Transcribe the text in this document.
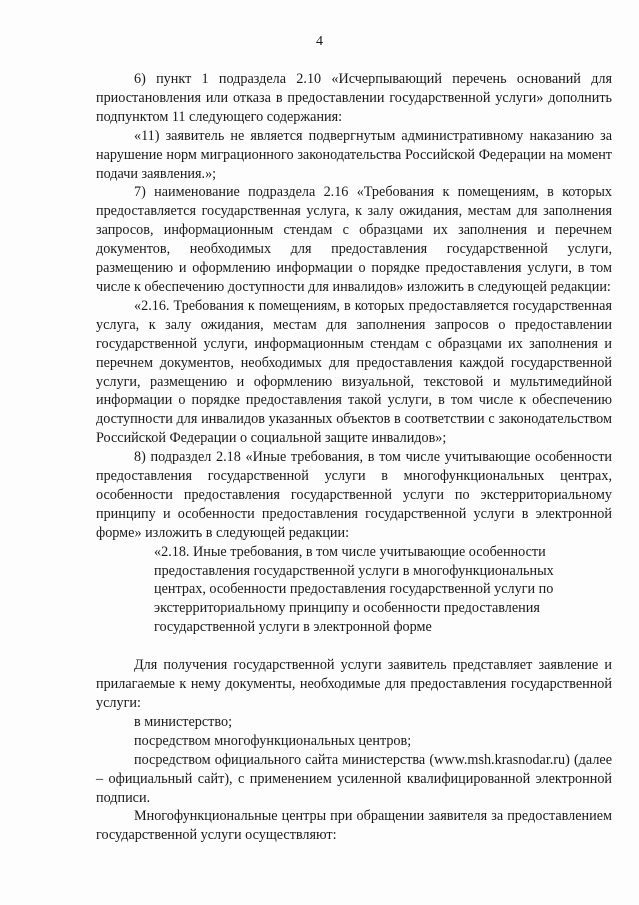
4

6) пункт 1 подраздела 2.10 «Исчерпывающий перечень оснований для приостановления или отказа в предоставлении государственной услуги» дополнить подпунктом 11 следующего содержания:

«11) заявитель не является подвергнутым административному наказанию за нарушение норм миграционного законодательства Российской Федерации на момент подачи заявления.»;

7) наименование подраздела 2.16 «Требования к помещениям, в которых предоставляется государственная услуга, к залу ожидания, местам для заполнения запросов, информационным стендам с образцами их заполнения и перечнем документов, необходимых для предоставления государственной услуги, размещению и оформлению информации о порядке предоставления услуги, в том числе к обеспечению доступности для инвалидов» изложить в следующей редакции:

«2.16. Требования к помещениям, в которых предоставляется государственная услуга, к залу ожидания, местам для заполнения запросов о предоставлении государственной услуги, информационным стендам с образцами их заполнения и перечнем документов, необходимых для предоставления каждой государственной услуги, размещению и оформлению визуальной, текстовой и мультимедийной информации о порядке предоставления такой услуги, в том числе к обеспечению доступности для инвалидов указанных объектов в соответствии с законодательством Российской Федерации о социальной защите инвалидов»;

8) подраздел 2.18 «Иные требования, в том числе учитывающие особенности предоставления государственной услуги в многофункциональных центрах, особенности предоставления государственной услуги по экстерриториальному принципу и особенности предоставления государственной услуги в электронной форме» изложить в следующей редакции:

«2.18. Иные требования, в том числе учитывающие особенности

предоставления государственной услуги в многофункциональных

центрах, особенности предоставления государственной услуги по

экстерриториальному принципу и особенности предоставления

государственной услуги в электронной форме

Для получения государственной услуги заявитель представляет заявление и прилагаемые к нему документы, необходимые для предоставления государственной услуги:

в министерство;

посредством многофункциональных центров;

посредством официального сайта министерства (www.msh.krasnodar.ru) (далее – официальный сайт), с применением усиленной квалифицированной электронной подписи.

Многофункциональные центры при обращении заявителя за предоставлением государственной услуги осуществляют:
